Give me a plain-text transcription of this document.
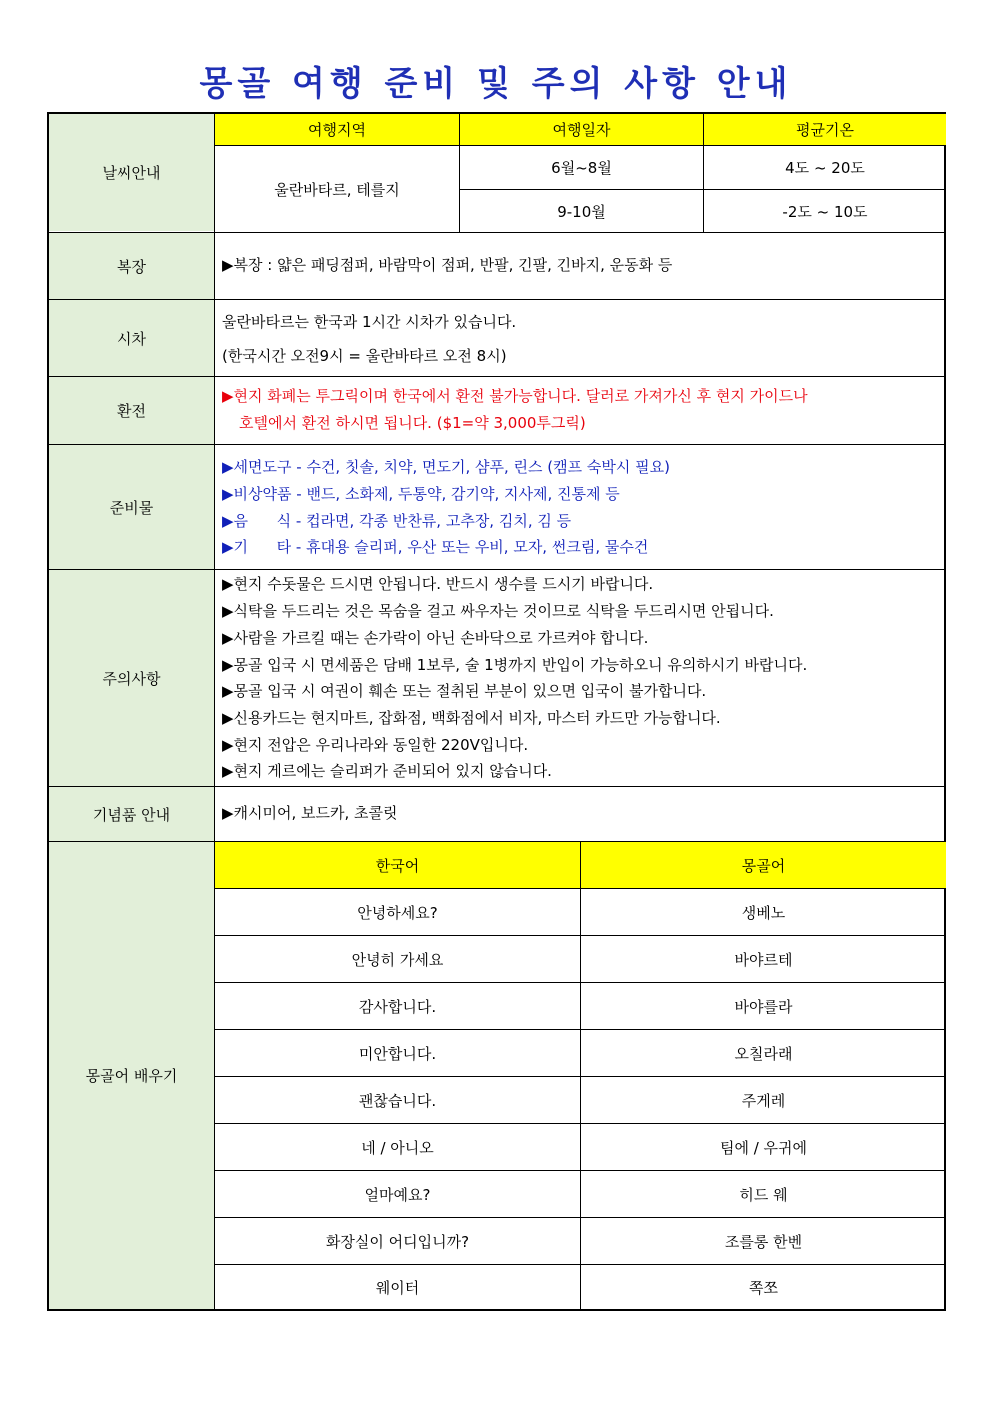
몽골 여행 준비 및 주의 사항 안내
날씨안내
여행지역	여행일자	평균기온
울란바타르, 테를지
6월~8월	4도 ~ 20도
9-10월	-2도 ~ 10도
복장	▶복장 : 얇은 패딩점퍼, 바람막이 점퍼, 반팔, 긴팔, 긴바지, 운동화 등
시차
울란바타르는 한국과 1시간 시차가 있습니다.
(한국시간 오전9시 = 울란바타르 오전 8시)
환전
▶현지 화폐는 투그릭이며 한국에서 환전 불가능합니다. 달러로 가져가신 후 현지 가이드나
호텔에서 환전 하시면 됩니다. ($1=약 3,000투그릭)
준비물
▶세면도구 - 수건, 칫솔, 치약, 면도기, 샴푸, 린스 (캠프 숙박시 필요)
▶비상약품 - 밴드, 소화제, 두통약, 감기약, 지사제, 진통제 등
▶음      식 - 컵라면, 각종 반찬류, 고추장, 김치, 김 등
▶기      타 - 휴대용 슬리퍼, 우산 또는 우비, 모자, 썬크림, 물수건
주의사항
▶현지 수돗물은 드시면 안됩니다. 반드시 생수를 드시기 바랍니다.
▶식탁을 두드리는 것은 목숨을 걸고 싸우자는 것이므로 식탁을 두드리시면 안됩니다.
▶사람을 가르킬 때는 손가락이 아닌 손바닥으로 가르켜야 합니다.
▶몽골 입국 시 면세품은 담배 1보루, 술 1병까지 반입이 가능하오니 유의하시기 바랍니다.
▶몽골 입국 시 여권이 훼손 또는 절취된 부분이 있으면 입국이 불가합니다.
▶신용카드는 현지마트, 잡화점, 백화점에서 비자, 마스터 카드만 가능합니다.
▶현지 전압은 우리나라와 동일한 220V입니다.
▶현지 게르에는 슬리퍼가 준비되어 있지 않습니다.
기념품 안내	▶캐시미어, 보드카, 초콜릿
몽골어 배우기
한국어	몽골어
안녕하세요?	생베노
안녕히 가세요	바야르테
감사합니다.	바야를라
미안합니다.	오칠라래
괜찮습니다.	주게레
네 / 아니오	팀에 / 우귀에
얼마예요?	히드 웨
화장실이 어디입니까?	조를롱 한벤
웨이터	쪽쪼
